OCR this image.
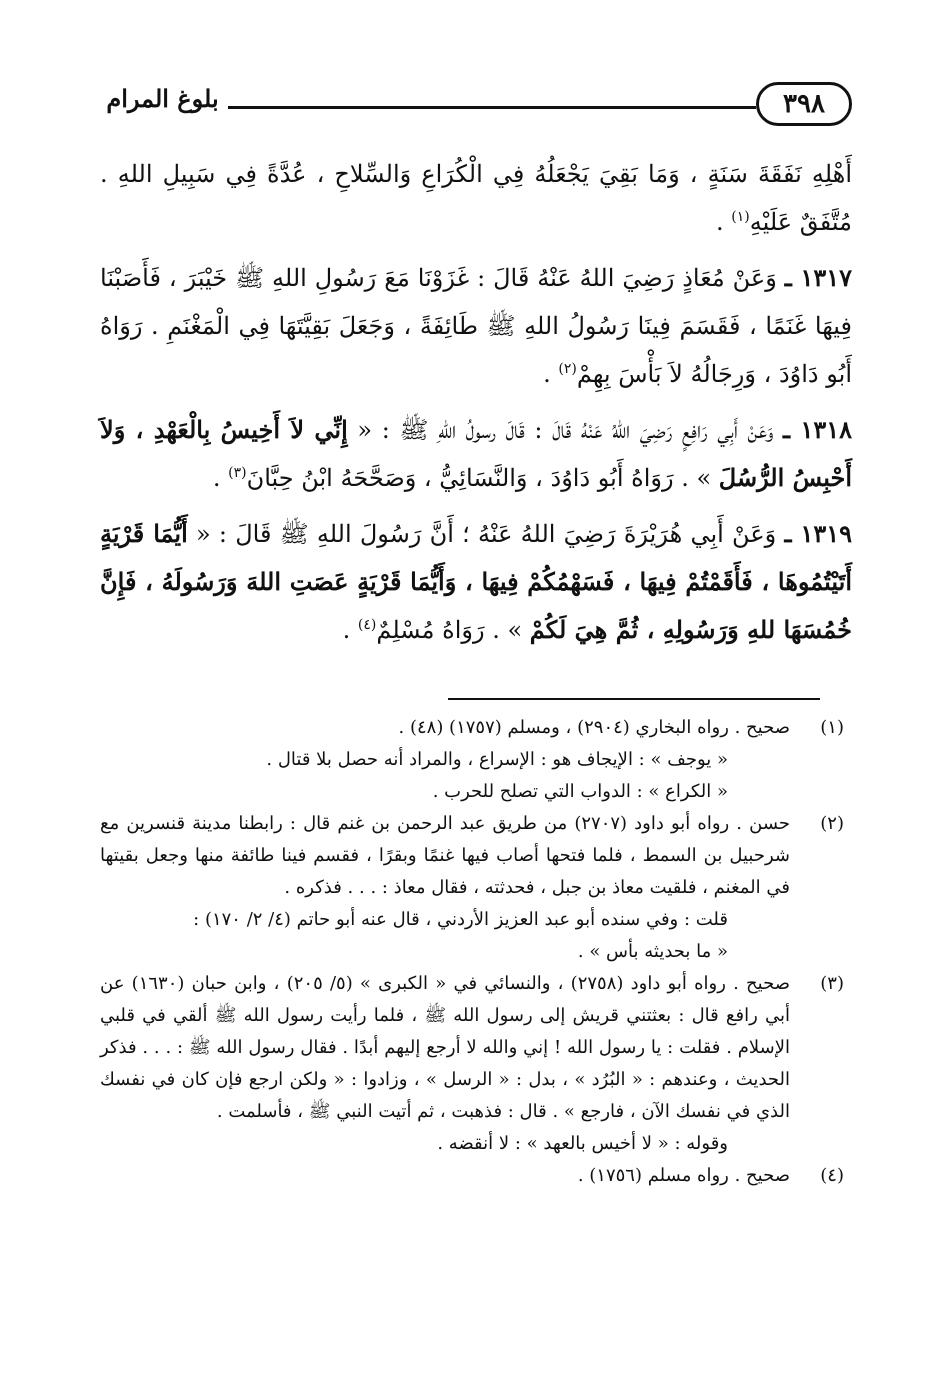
٣٩٨
بلوغ المرام

أَهْلِهِ نَفَقَةَ سَنَةٍ ، وَمَا بَقِيَ يَجْعَلُهُ فِي الْكُرَاعِ وَالسِّلاحِ ، عُدَّةً فِي سَبِيلِ اللهِ . مُتَّفَقٌ عَلَيْهِ$^{(١)}$ .

١٣١٧ ـ وَعَنْ مُعَاذٍ رَضِيَ اللهُ عَنْهُ قَالَ : غَزَوْنَا مَعَ رَسُولِ اللهِ ﷺ خَيْبَرَ ، فَأَصَبْنَا فِيهَا غَنَمًا ، فَقَسَمَ فِينَا رَسُولُ اللهِ ﷺ طَائِفَةً ، وَجَعَلَ بَقِيَّتَهَا فِي الْمَغْنَمِ . رَوَاهُ أَبُو دَاوُدَ ، وَرِجَالُهُ لاَ بَأْسَ بِهِمْ$^{(٢)}$ .

١٣١٨ ـ وَعَنْ أَبِي رَافِعٍ رَضِيَ اللهُ عَنْهُ قَالَ : قَالَ رسولُ اللهِ ﷺ : « إِنِّي لاَ أَخِيسُ بِالْعَهْدِ ، وَلاَ أَحْبِسُ الرُّسُلَ » . رَوَاهُ أَبُو دَاوُدَ ، وَالنَّسَائِيُّ ، وَصَحَّحَهُ ابْنُ حِبَّانَ$^{(٣)}$ .

١٣١٩ ـ وَعَنْ أَبِي هُرَيْرَةَ رَضِيَ اللهُ عَنْهُ ؛ أَنَّ رَسُولَ اللهِ ﷺ قَالَ : « أَيُّمَا قَرْيَةٍ أَتَيْتُمُوهَا ، فَأَقَمْتُمْ فِيهَا ، فَسَهْمُكُمْ فِيهَا ، وَأَيُّمَا قَرْيَةٍ عَصَتِ اللهَ وَرَسُولَهُ ، فَإِنَّ خُمُسَهَا للهِ وَرَسُولِهِ ، ثُمَّ هِيَ لَكُمْ » . رَوَاهُ مُسْلِمٌ$^{(٤)}$ .

(١)

صحيح . رواه البخاري (٢٩٠٤) ، ومسلم (١٧٥٧) (٤٨) .

« يوجف » : الإيجاف هو : الإسراع ، والمراد أنه حصل بلا قتال .

« الكراع » : الدواب التي تصلح للحرب .

(٢)

حسن . رواه أبو داود (٢٧٠٧) من طريق عبد الرحمن بن غنم قال : رابطنا مدينة قنسرين مع شرحبيل بن السمط ، فلما فتحها أصاب فيها غنمًا وبقرًا ، فقسم فينا طائفة منها وجعل بقيتها في المغنم ، فلقيت معاذ بن جبل ، فحدثته ، فقال معاذ : . . . فذكره .

قلت : وفي سنده أبو عبد العزيز الأردني ، قال عنه أبو حاتم (٤/ ٢/ ١٧٠) :

« ما بحديثه بأس » .

(٣)

صحيح . رواه أبو داود (٢٧٥٨) ، والنسائي في « الكبرى » (٥/ ٢٠٥) ، وابن حبان (١٦٣٠) عن أبي رافع قال : بعثتني قريش إلى رسول الله ﷺ ، فلما رأيت رسول الله ﷺ ألقي في قلبي الإسلام . فقلت : يا رسول الله ! إني والله لا أرجع إليهم أبدًا . فقال رسول الله ﷺ : . . . فذكر الحديث ، وعندهم : « البُرُد » ، بدل : « الرسل » ، وزادوا : « ولكن ارجع فإن كان في نفسك الذي في نفسك الآن ، فارجع » . قال : فذهبت ، ثم أتيت النبي ﷺ ، فأسلمت .

وقوله : « لا أخيس بالعهد » : لا أنقضه .

(٤)

صحيح . رواه مسلم (١٧٥٦) .
